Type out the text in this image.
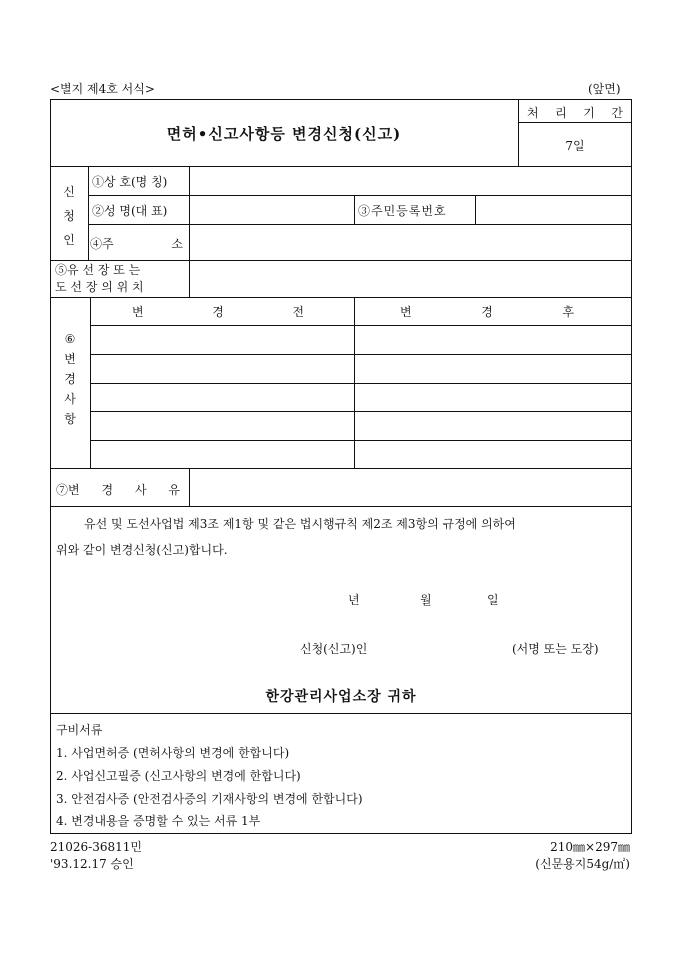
<별지 제4호 서식>	(앞면)
면허•신고사항등 변경신청(신고)
처 리 기 간
7일
신
청
인
①상 호(명 칭)
②성 명(대 표)	③주민등록번호
④주	소
⑤유 선 장 또 는
도 선 장 의 위 치
⑥
변
경
사
항
변	경	전	변	경	후
⑦변 경 사 유
유선 및 도선사업법 제3조 제1항 및 같은 법시행규칙 제2조 제3항의 규정에 의하여
위와 같이 변경신청(신고)합니다.
년	월	일
신청(신고)인	(서명 또는 도장)
한강관리사업소장 귀하
구비서류
1. 사업면허증 (면허사항의 변경에 한합니다)
2. 사업신고필증 (신고사항의 변경에 한합니다)
3. 안전검사증 (안전검사증의 기재사항의 변경에 한합니다)
4. 변경내용을 증명할 수 있는 서류 1부
21026-36811민
'93.12.17 승인
210㎜×297㎜
(신문용지54g/㎡)
